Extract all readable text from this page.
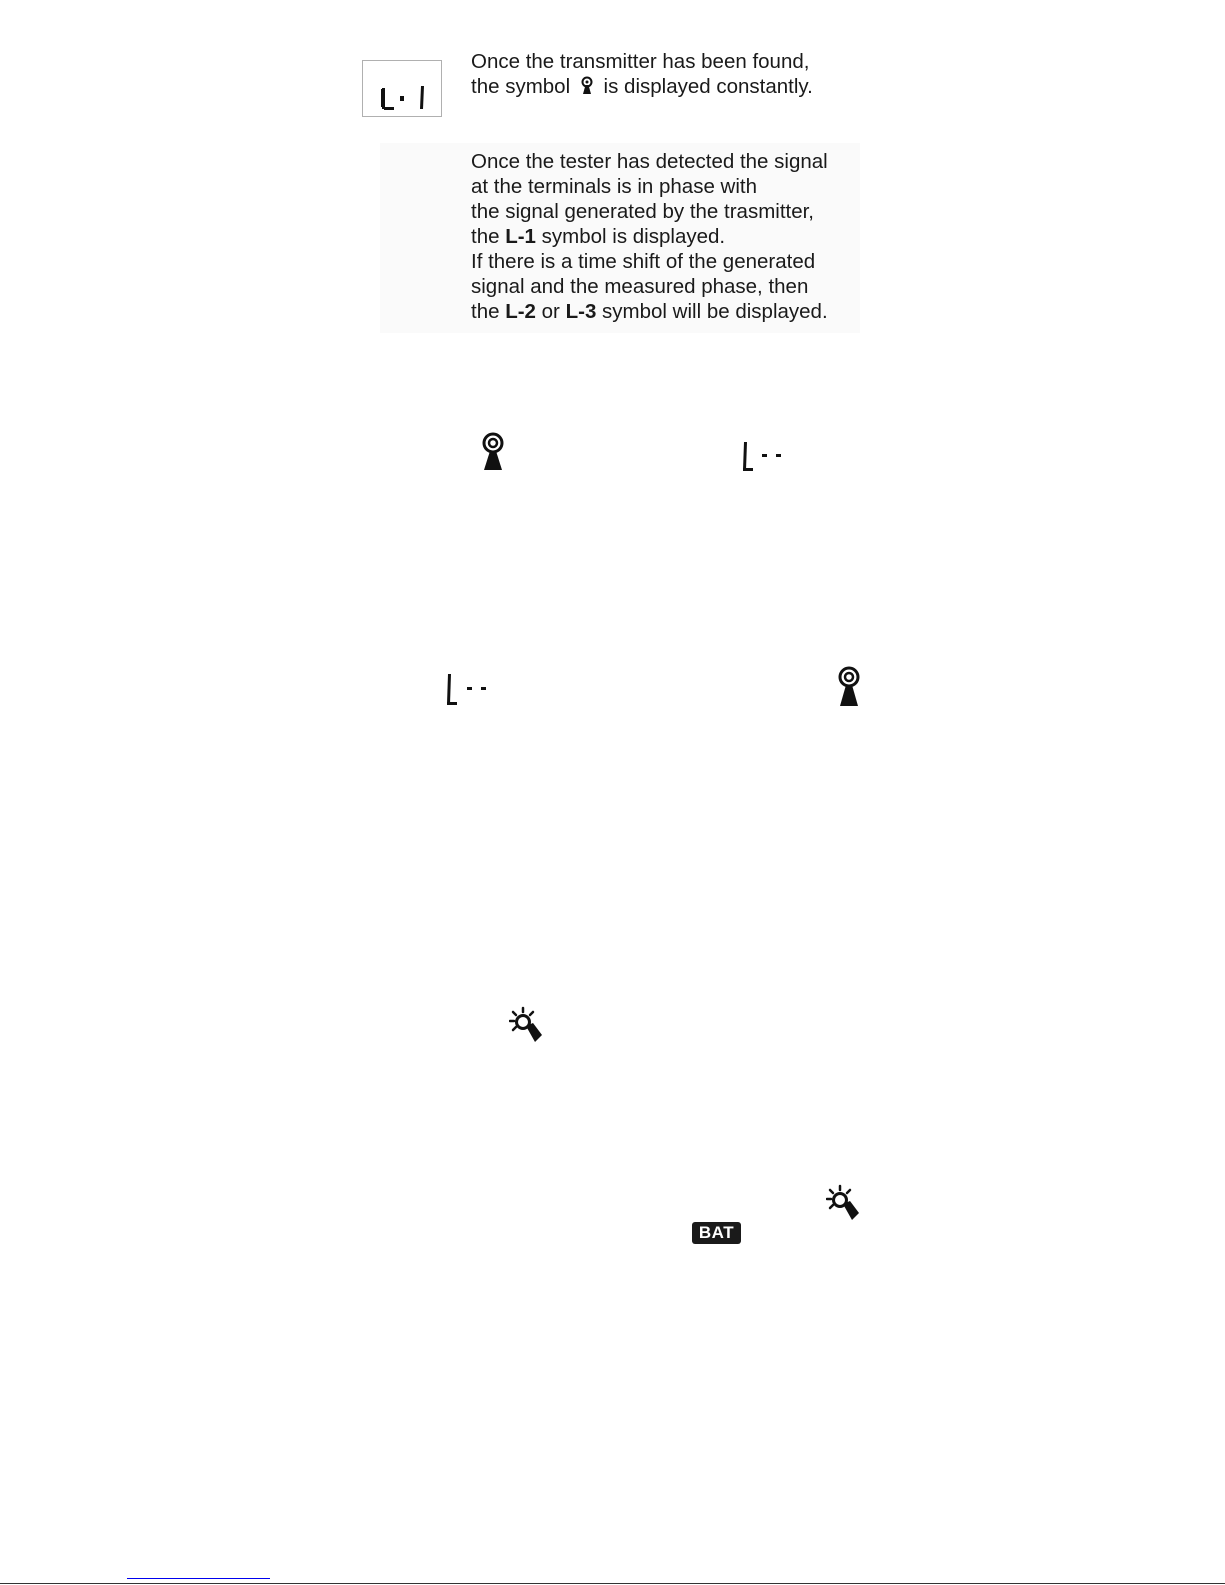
Once the transmitter has been found,
the symbol is displayed constantly.
Once the tester has detected the signal
at the terminals is in phase with
the signal generated by the trasmitter,
the L-1 symbol is displayed.
If there is a time shift of the generated
signal and the measured phase, then
the L-2 or L-3 symbol will be displayed.
BAT
